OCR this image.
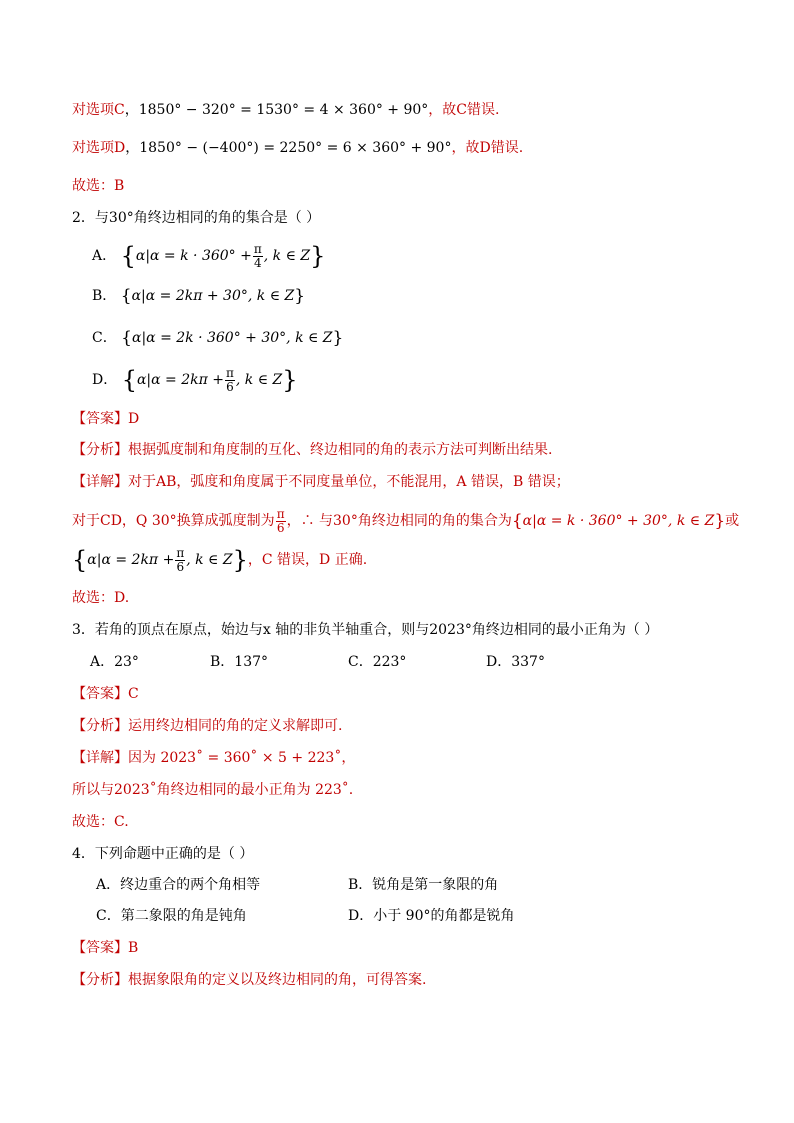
对选项C，1850° − 320° = 1530° = 4 × 360° + 90°，故C错误.
对选项D，1850° − (−400°) = 2250° = 6 × 360° + 90°，故D错误.
故选：B
2．与30°角终边相同的角的集合是（ ）
A． {$\alpha|\alpha = k \cdot 360^\circ + \frac{\pi}{4}$ , k ∈ Z}
B． {α|α = 2kπ + 30°, k ∈ Z}
C． {α|α = 2k · 360° + 30°, k ∈ Z}
D． {$\alpha|\alpha = 2k\pi + \frac{\pi}{6}$ , k ∈ Z}
【答案】D
【分析】根据弧度制和角度制的互化、终边相同的角的表示方法可判断出结果.
【详解】对于AB，弧度和角度属于不同度量单位，不能混用，A 错误，B 错误；
对于CD，Q 30°换算成弧度制为 $\frac{\pi}{6}$ ，∴ 与30°角终边相同的角的集合为{α|α = k · 360° + 30°, k ∈ Z}或
{$\alpha|\alpha = 2k\pi + \frac{\pi}{6}$ , k ∈ Z}，C 错误，D 正确.
故选：D.
3．若角的顶点在原点，始边与x 轴的非负半轴重合，则与2023°角终边相同的最小正角为（ ）
A．23°	B．137°	C．223°	D．337°
【答案】C
【分析】运用终边相同的角的定义求解即可.
【详解】因为 2023˚ = 360˚ × 5 + 223˚，
所以与2023˚角终边相同的最小正角为 223˚.
故选：C.
4．下列命题中正确的是（ ）
A．终边重合的两个角相等	B．锐角是第一象限的角
C．第二象限的角是钝角	D．小于 90°的角都是锐角
【答案】B
【分析】根据象限角的定义以及终边相同的角，可得答案.
